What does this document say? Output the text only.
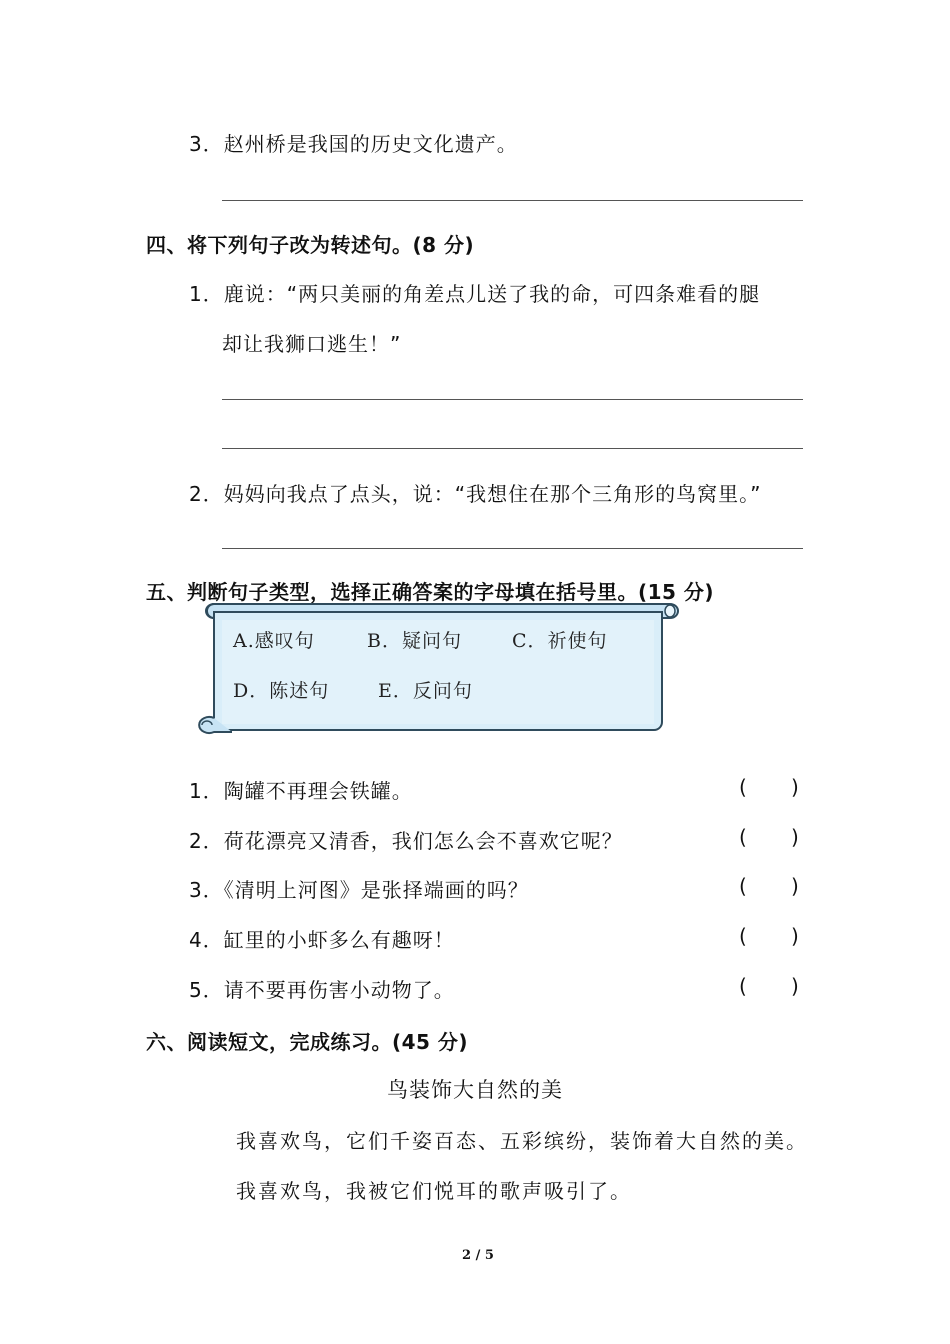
3．赵州桥是我国的历史文化遗产。
四、将下列句子改为转述句。(8 分)
1．鹿说：“两只美丽的角差点儿送了我的命，可四条难看的腿
却让我狮口逃生！”
2．妈妈向我点了点头，说：“我想住在那个三角形的鸟窝里。”
五、判断句子类型，选择正确答案的字母填在括号里。(15 分)
A.感叹句	B．疑问句	C．祈使句
D．陈述句	E．反问句
1．陶罐不再理会铁罐。	( )
2．荷花漂亮又清香，我们怎么会不喜欢它呢？	( )
3．《清明上河图》是张择端画的吗？	( )
4．缸里的小虾多么有趣呀！	( )
5．请不要再伤害小动物了。	( )
六、阅读短文，完成练习。(45 分)
鸟装饰大自然的美
我喜欢鸟，它们千姿百态、五彩缤纷，装饰着大自然的美。
我喜欢鸟，我被它们悦耳的歌声吸引了。
2 / 5
